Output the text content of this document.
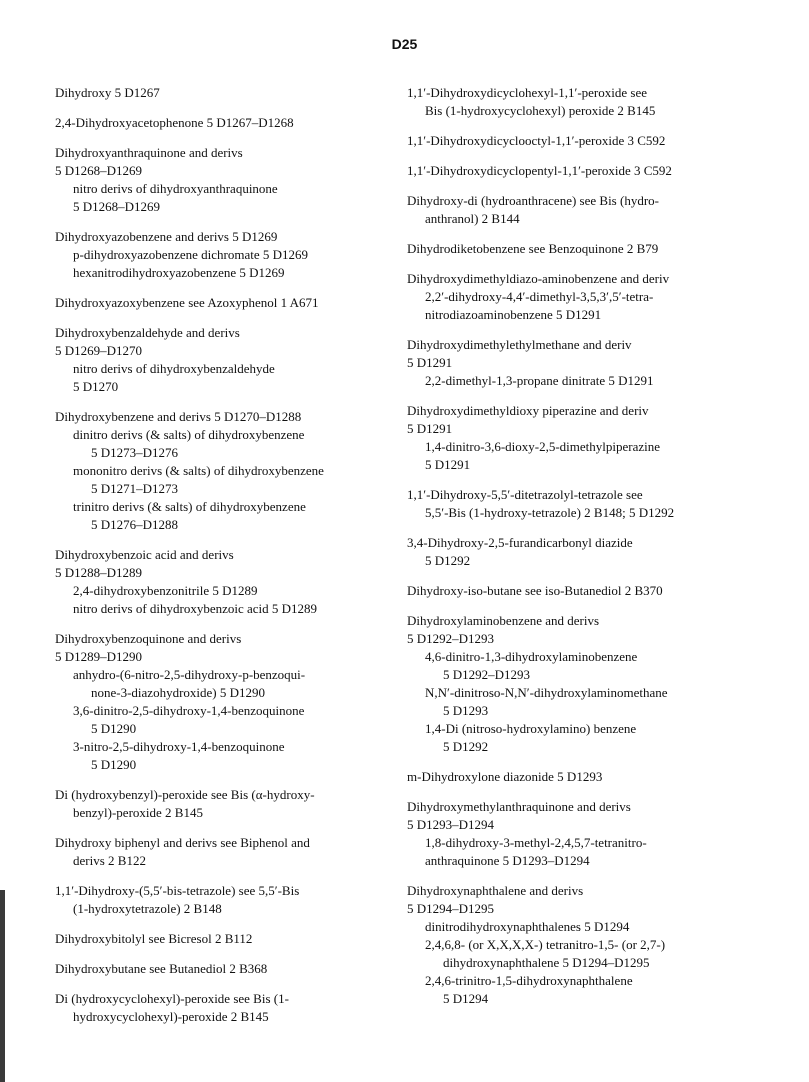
D25
Dihydroxy 5 D1267
2,4-Dihydroxyacetophenone 5 D1267–D1268
Dihydroxyanthraquinone and derivs
5 D1268–D1269
nitro derivs of dihydroxyanthraquinone
5 D1268–D1269
Dihydroxyazobenzene and derivs 5 D1269
p-dihydroxyazobenzene dichromate 5 D1269
hexanitrodihydroxyazobenzene 5 D1269
Dihydroxyazoxybenzene see Azoxyphenol 1 A671
Dihydroxybenzaldehyde and derivs
5 D1269–D1270
nitro derivs of dihydroxybenzaldehyde
5 D1270
Dihydroxybenzene and derivs 5 D1270–D1288
dinitro derivs (& salts) of dihydroxybenzene
5 D1273–D1276
mononitro derivs (& salts) of dihydroxybenzene
5 D1271–D1273
trinitro derivs (& salts) of dihydroxybenzene
5 D1276–D1288
Dihydroxybenzoic acid and derivs
5 D1288–D1289
2,4-dihydroxybenzonitrile 5 D1289
nitro derivs of dihydroxybenzoic acid 5 D1289
Dihydroxybenzoquinone and derivs
5 D1289–D1290
anhydro-(6-nitro-2,5-dihydroxy-p-benzoqui-
none-3-diazohydroxide) 5 D1290
3,6-dinitro-2,5-dihydroxy-1,4-benzoquinone
5 D1290
3-nitro-2,5-dihydroxy-1,4-benzoquinone
5 D1290
Di (hydroxybenzyl)-peroxide see Bis (α-hydroxy-
benzyl)-peroxide 2 B145
Dihydroxy biphenyl and derivs see Biphenol and
derivs 2 B122
1,1′-Dihydroxy-(5,5′-bis-tetrazole) see 5,5′-Bis
(1-hydroxytetrazole) 2 B148
Dihydroxybitolyl see Bicresol 2 B112
Dihydroxybutane see Butanediol 2 B368
Di (hydroxycyclohexyl)-peroxide see Bis (1-
hydroxycyclohexyl)-peroxide 2 B145
1,1′-Dihydroxydicyclohexyl-1,1′-peroxide see
Bis (1-hydroxycyclohexyl) peroxide 2 B145
1,1′-Dihydroxydicyclooctyl-1,1′-peroxide 3 C592
1,1′-Dihydroxydicyclopentyl-1,1′-peroxide 3 C592
Dihydroxy-di (hydroanthracene) see Bis (hydro-
anthranol) 2 B144
Dihydrodiketobenzene see Benzoquinone 2 B79
Dihydroxydimethyldiazo-aminobenzene and deriv
2,2′-dihydroxy-4,4′-dimethyl-3,5,3′,5′-tetra-
nitrodiazoaminobenzene 5 D1291
Dihydroxydimethylethylmethane and deriv
5 D1291
2,2-dimethyl-1,3-propane dinitrate 5 D1291
Dihydroxydimethyldioxy piperazine and deriv
5 D1291
1,4-dinitro-3,6-dioxy-2,5-dimethylpiperazine
5 D1291
1,1′-Dihydroxy-5,5′-ditetrazolyl-tetrazole see
5,5′-Bis (1-hydroxy-tetrazole) 2 B148; 5 D1292
3,4-Dihydroxy-2,5-furandicarbonyl diazide
5 D1292
Dihydroxy-iso-butane see iso-Butanediol 2 B370
Dihydroxylaminobenzene and derivs
5 D1292–D1293
4,6-dinitro-1,3-dihydroxylaminobenzene
5 D1292–D1293
N,N′-dinitroso-N,N′-dihydroxylaminomethane
5 D1293
1,4-Di (nitroso-hydroxylamino) benzene
5 D1292
m-Dihydroxylone diazonide 5 D1293
Dihydroxymethylanthraquinone and derivs
5 D1293–D1294
1,8-dihydroxy-3-methyl-2,4,5,7-tetranitro-
anthraquinone 5 D1293–D1294
Dihydroxynaphthalene and derivs
5 D1294–D1295
dinitrodihydroxynaphthalenes 5 D1294
2,4,6,8- (or X,X,X,X-) tetranitro-1,5- (or 2,7-)
dihydroxynaphthalene 5 D1294–D1295
2,4,6-trinitro-1,5-dihydroxynaphthalene
5 D1294
